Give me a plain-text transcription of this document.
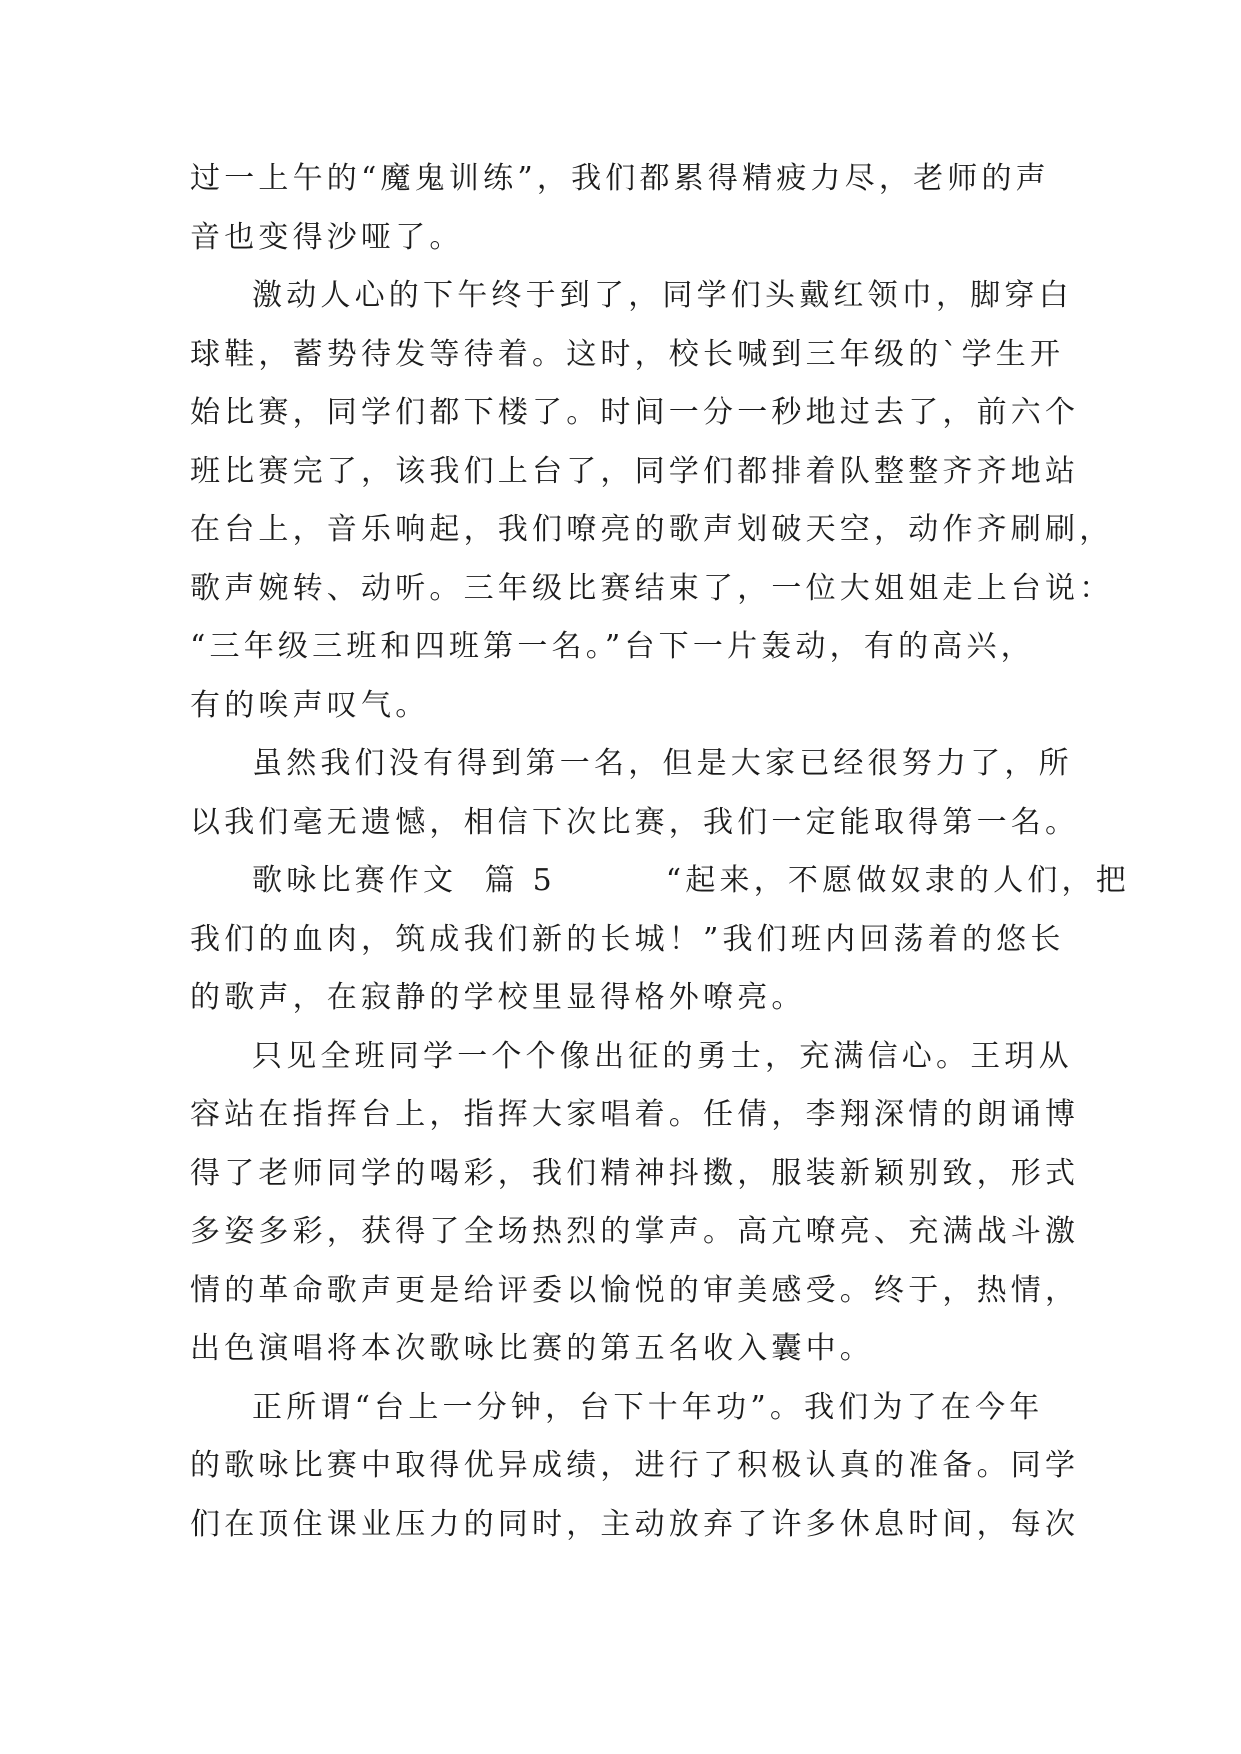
过一上午的“魔鬼训练”，我们都累得精疲力尽，老师的声
音也变得沙哑了。
激动人心的下午终于到了，同学们头戴红领巾，脚穿白
球鞋，蓄势待发等待着。这时，校长喊到三年级的`学生开
始比赛，同学们都下楼了。时间一分一秒地过去了，前六个
班比赛完了，该我们上台了，同学们都排着队整整齐齐地站
在台上，音乐响起，我们嘹亮的歌声划破天空，动作齐刷刷，
歌声婉转、动听。三年级比赛结束了，一位大姐姐走上台说：
“三年级三班和四班第一名。”台下一片轰动，有的高兴，
有的唉声叹气。
虽然我们没有得到第一名，但是大家已经很努力了，所
以我们毫无遗憾，相信下次比赛，我们一定能取得第一名。
歌咏比赛作文  篇 5        “起来，不愿做奴隶的人们，把
我们的血肉，筑成我们新的长城！”我们班内回荡着的悠长
的歌声，在寂静的学校里显得格外嘹亮。
只见全班同学一个个像出征的勇士，充满信心。王玥从
容站在指挥台上，指挥大家唱着。任倩，李翔深情的朗诵博
得了老师同学的喝彩，我们精神抖擞，服装新颖别致，形式
多姿多彩，获得了全场热烈的掌声。高亢嘹亮、充满战斗激
情的革命歌声更是给评委以愉悦的审美感受。终于，热情，
出色演唱将本次歌咏比赛的第五名收入囊中。
正所谓“台上一分钟，台下十年功”。我们为了在今年
的歌咏比赛中取得优异成绩，进行了积极认真的准备。同学
们在顶住课业压力的同时，主动放弃了许多休息时间，每次
